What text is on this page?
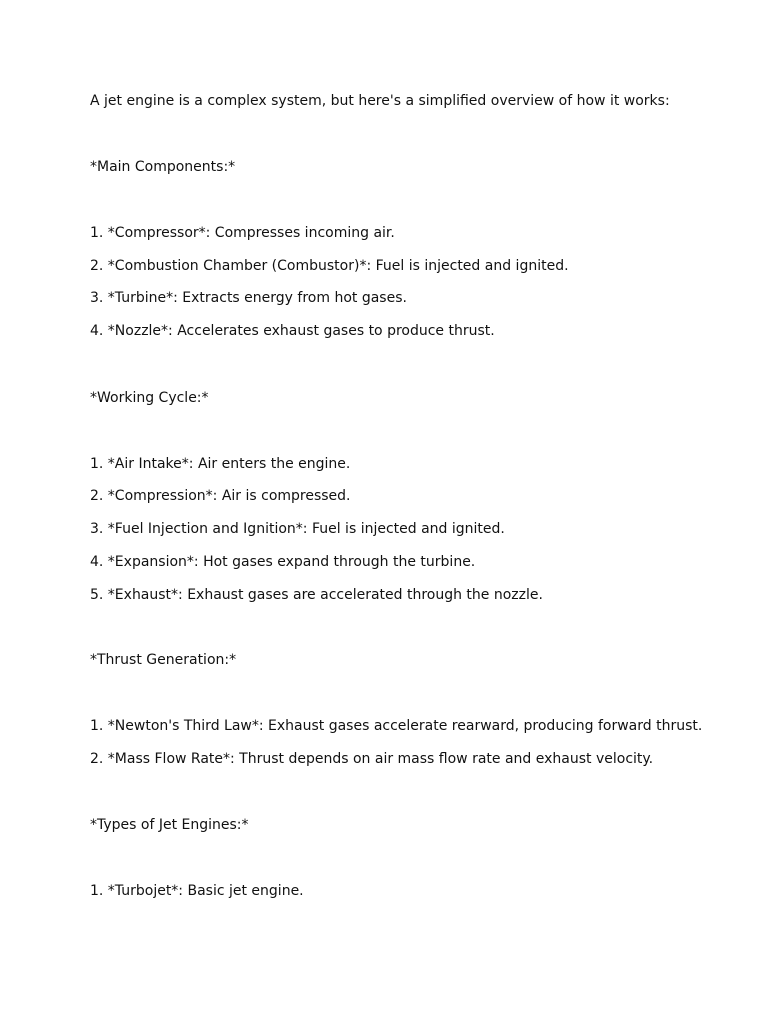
A jet engine is a complex system, but here's a simplified overview of how it works:

*Main Components:*

1. *Compressor*: Compresses incoming air.

2. *Combustion Chamber (Combustor)*: Fuel is injected and ignited.

3. *Turbine*: Extracts energy from hot gases.

4. *Nozzle*: Accelerates exhaust gases to produce thrust.

*Working Cycle:*

1. *Air Intake*: Air enters the engine.

2. *Compression*: Air is compressed.

3. *Fuel Injection and Ignition*: Fuel is injected and ignited.

4. *Expansion*: Hot gases expand through the turbine.

5. *Exhaust*: Exhaust gases are accelerated through the nozzle.

*Thrust Generation:*

1. *Newton's Third Law*: Exhaust gases accelerate rearward, producing forward thrust.

2. *Mass Flow Rate*: Thrust depends on air mass flow rate and exhaust velocity.

*Types of Jet Engines:*

1. *Turbojet*: Basic jet engine.
